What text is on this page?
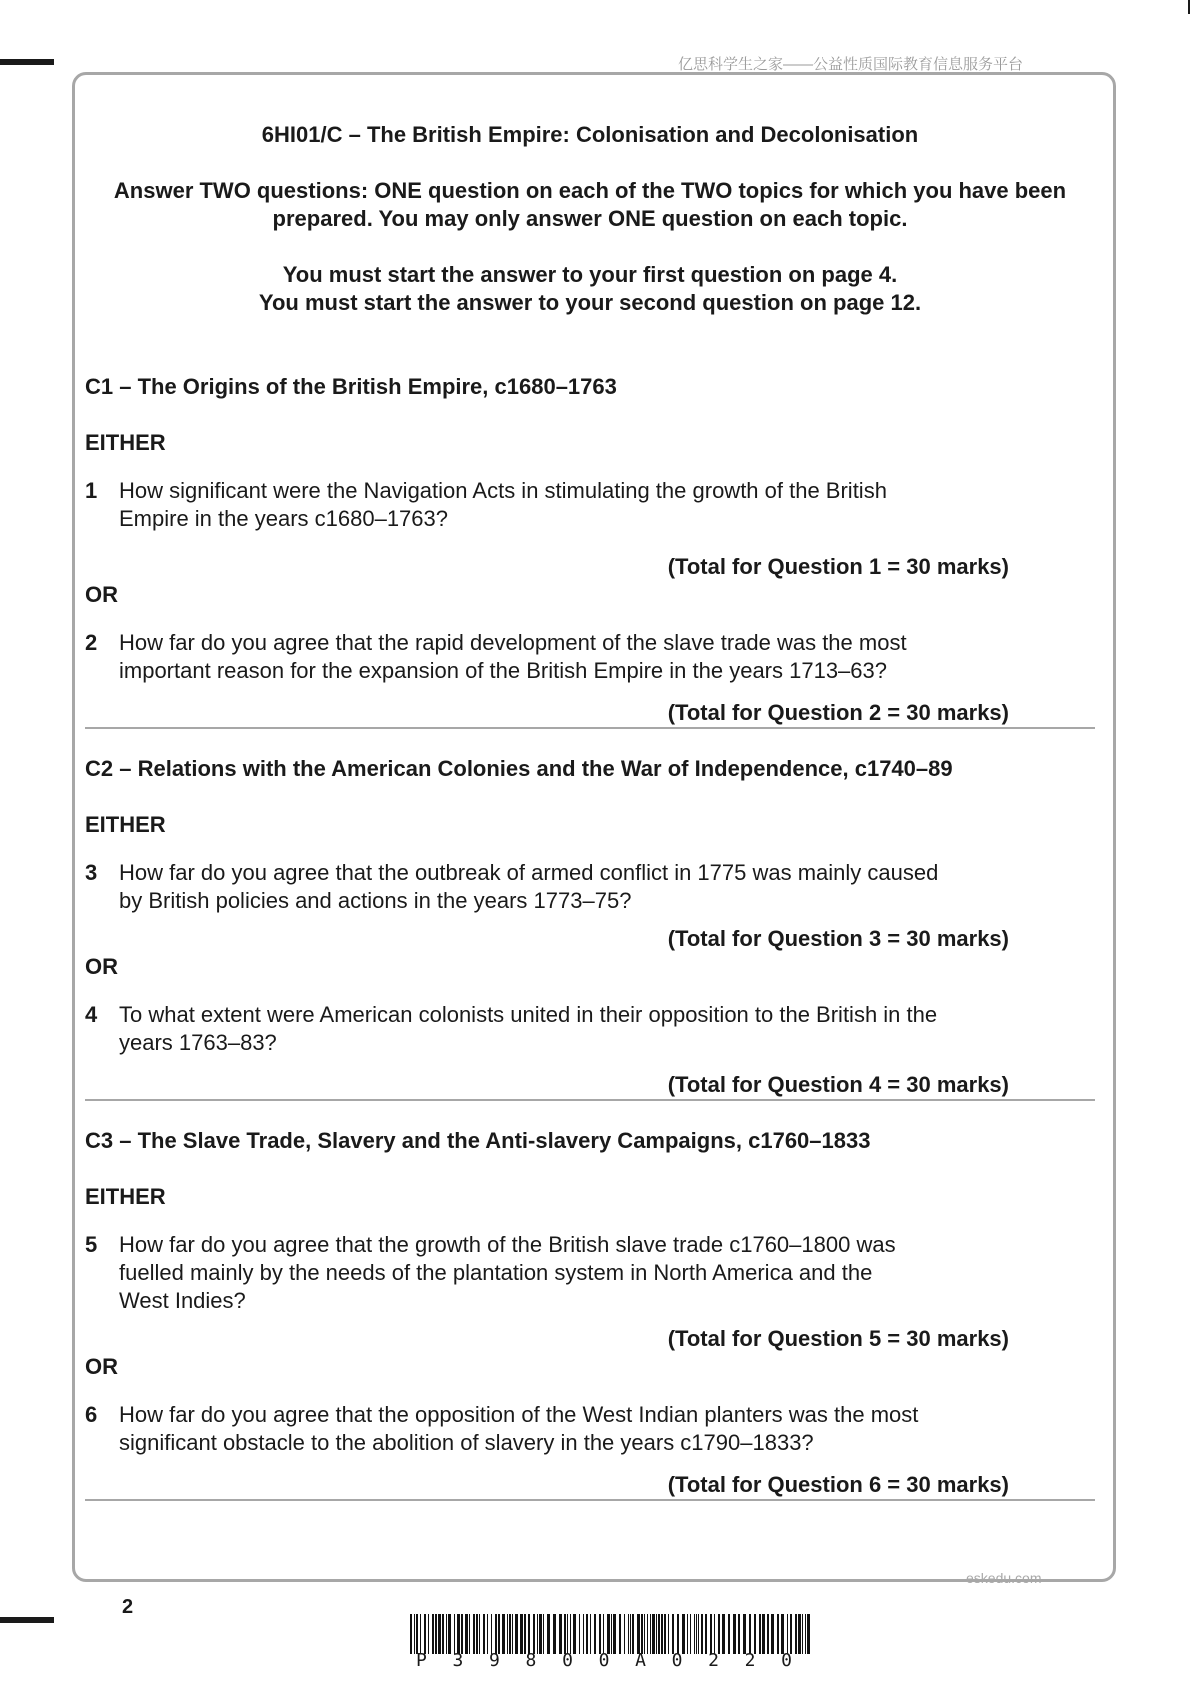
亿思科学生之家——公益性质国际教育信息服务平台
6HI01/C – The British Empire: Colonisation and Decolonisation
Answer TWO questions: ONE question on each of the TWO topics for which you have been
prepared. You may only answer ONE question on each topic.
You must start the answer to your first question on page 4.
You must start the answer to your second question on page 12.
C1 – The Origins of the British Empire, c1680–1763
EITHER
1 How significant were the Navigation Acts in stimulating the growth of the British
Empire in the years c1680–1763?
(Total for Question 1 = 30 marks)
OR
2 How far do you agree that the rapid development of the slave trade was the most
important reason for the expansion of the British Empire in the years 1713–63?
(Total for Question 2 = 30 marks)
C2 – Relations with the American Colonies and the War of Independence, c1740–89
EITHER
3 How far do you agree that the outbreak of armed conflict in 1775 was mainly caused
by British policies and actions in the years 1773–75?
(Total for Question 3 = 30 marks)
OR
4 To what extent were American colonists united in their opposition to the British in the
years 1763–83?
(Total for Question 4 = 30 marks)
C3 – The Slave Trade, Slavery and the Anti-slavery Campaigns, c1760–1833
EITHER
5 How far do you agree that the growth of the British slave trade c1760–1800 was
fuelled mainly by the needs of the plantation system in North America and the
West Indies?
(Total for Question 5 = 30 marks)
OR
6 How far do you agree that the opposition of the West Indian planters was the most
significant obstacle to the abolition of slavery in the years c1790–1833?
(Total for Question 6 = 30 marks)
eskedu.com
2
P 3 9 8 0 0 A 0 2 2 0
